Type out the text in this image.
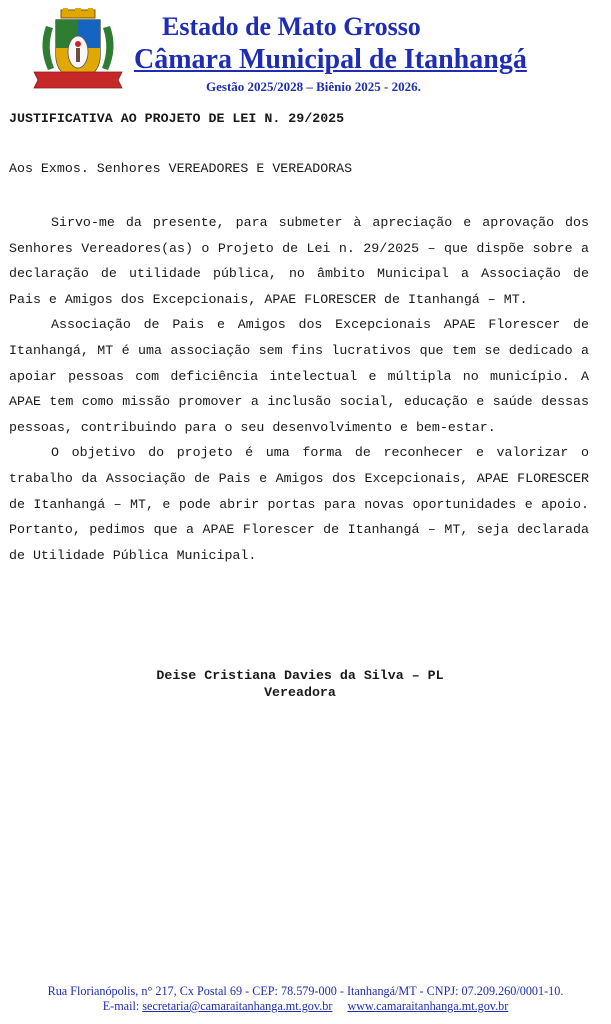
Estado de Mato Grosso
Câmara Municipal de Itanhangá
Gestão 2025/2028 – Biênio 2025 - 2026.
JUSTIFICATIVA AO PROJETO DE LEI N. 29/2025
Aos Exmos. Senhores VEREADORES E VEREADORAS

Sirvo-me da presente, para submeter à apreciação e aprovação dos Senhores Vereadores(as) o Projeto de Lei n. 29/2025 – que dispõe sobre a declaração de utilidade pública, no âmbito Municipal a Associação de Pais e Amigos dos Excepcionais, APAE FLORESCER de Itanhangá – MT.

Associação de Pais e Amigos dos Excepcionais APAE Florescer de Itanhangá, MT é uma associação sem fins lucrativos que tem se dedicado a apoiar pessoas com deficiência intelectual e múltipla no município. A APAE tem como missão promover a inclusão social, educação e saúde dessas pessoas, contribuindo para o seu desenvolvimento e bem-estar.

O objetivo do projeto é uma forma de reconhecer e valorizar o trabalho da Associação de Pais e Amigos dos Excepcionais, APAE FLORESCER de Itanhangá – MT, e pode abrir portas para novas oportunidades e apoio. Portanto, pedimos que a APAE Florescer de Itanhangá – MT, seja declarada de Utilidade Pública Municipal.

Deise Cristiana Davies da Silva – PL
Vereadora
Rua Florianópolis, n° 217, Cx Postal 69 - CEP: 78.579-000 - Itanhangá/MT - CNPJ: 07.209.260/0001-10.
E-mail: secretaria@camaraitanhanga.mt.gov.br www.camaraitanhanga.mt.gov.br
